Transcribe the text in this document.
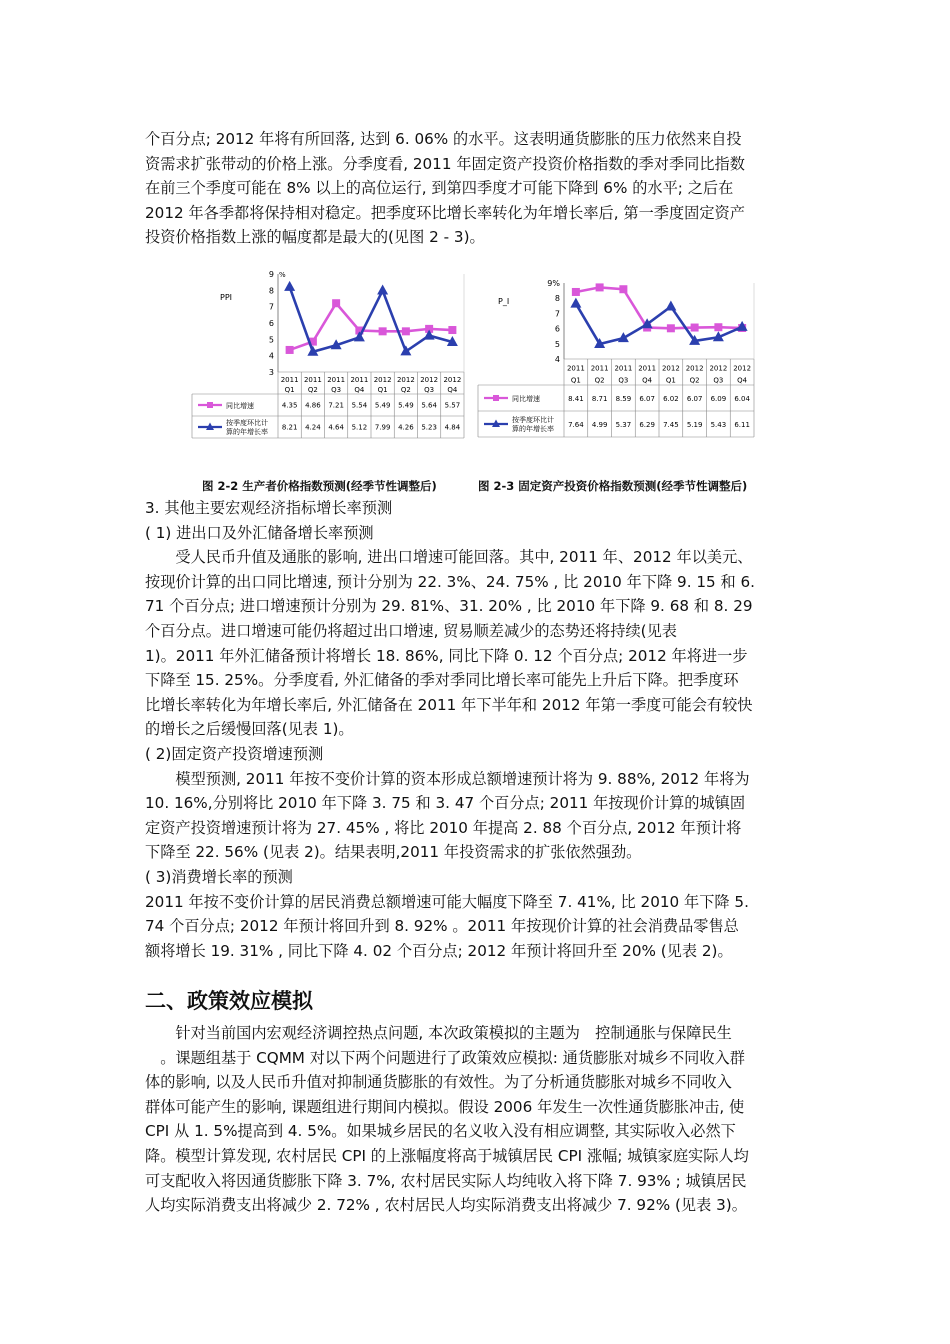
个百分点; 2012 年将有所回落, 达到 6. 06% 的水平。这表明通货膨胀的压力依然来自投
资需求扩张带动的价格上涨。分季度看, 2011 年固定资产投资价格指数的季对季同比指数
在前三个季度可能在 8% 以上的高位运行, 到第四季度才可能下降到 6% 的水平; 之后在
2012 年各季都将保持相对稳定。把季度环比增长率转化为年增长率后, 第一季度固定资产
投资价格指数上涨的幅度都是最大的(见图 2 - 3)。
PPI
9
8
7
6
5
4
3
%
2011
Q1
2011
Q2
2011
Q3
2011
Q4
2012
Q1
2012
Q2
2012
Q3
2012
Q4
4.35 4.86 7.21 5.54 5.49 5.49 5.64 5.57
同比增速
8.21 4.24 4.64 5.12 7.99 4.26 5.23 4.84
按季度环比计
算的年增长率
P_I
9%
8
7
6
5
4
2011
Q1
2011
Q2
2011
Q3
2011
Q4
2012
Q1
2012
Q2
2012
Q3
2012
Q4
8.41 8.71 8.59 6.07 6.02 6.07 6.09 6.04
同比增速
7.64 4.99 5.37 6.29 7.45 5.19 5.43 6.11
按季度环比计
算的年增长率
图 2-2 生产者价格指数预测(经季节性调整后)	图 2-3 固定资产投资价格指数预测(经季节性调整后)
3. 其他主要宏观经济指标增长率预测
( 1) 进出口及外汇储备增长率预测
　　受人民币升值及通胀的影响, 进出口增速可能回落。其中, 2011 年、2012 年以美元、
按现价计算的出口同比增速, 预计分别为 22. 3%、24. 75% , 比 2010 年下降 9. 15 和 6.
71 个百分点; 进口增速预计分别为 29. 81%、31. 20% , 比 2010 年下降 9. 68 和 8. 29
个百分点。进口增速可能仍将超过出口增速, 贸易顺差减少的态势还将持续(见表
1)。2011 年外汇储备预计将增长 18. 86%, 同比下降 0. 12 个百分点; 2012 年将进一步
下降至 15. 25%。分季度看, 外汇储备的季对季同比增长率可能先上升后下降。把季度环
比增长率转化为年增长率后, 外汇储备在 2011 年下半年和 2012 年第一季度可能会有较快
的增长之后缓慢回落(见表 1)。
( 2)固定资产投资增速预测
　　模型预测, 2011 年按不变价计算的资本形成总额增速预计将为 9. 88%, 2012 年将为
10. 16%,分别将比 2010 年下降 3. 75 和 3. 47 个百分点; 2011 年按现价计算的城镇固
定资产投资增速预计将为 27. 45% , 将比 2010 年提高 2. 88 个百分点, 2012 年预计将
下降至 22. 56% (见表 2)。结果表明,2011 年投资需求的扩张依然强劲。
( 3)消费增长率的预测
2011 年按不变价计算的居民消费总额增速可能大幅度下降至 7. 41%, 比 2010 年下降 5.
74 个百分点; 2012 年预计将回升到 8. 92% 。2011 年按现价计算的社会消费品零售总
额将增长 19. 31% , 同比下降 4. 02 个百分点; 2012 年预计将回升至 20% (见表 2)。
二、政策效应模拟
　　针对当前国内宏观经济调控热点问题, 本次政策模拟的主题为　控制通胀与保障民生
　。课题组基于 CQMM 对以下两个问题进行了政策效应模拟: 通货膨胀对城乡不同收入群
体的影响, 以及人民币升值对抑制通货膨胀的有效性。为了分析通货膨胀对城乡不同收入
群体可能产生的影响, 课题组进行期间内模拟。假设 2006 年发生一次性通货膨胀冲击, 使
CPI 从 1. 5%提高到 4. 5%。如果城乡居民的名义收入没有相应调整, 其实际收入必然下
降。模型计算发现, 农村居民 CPI 的上涨幅度将高于城镇居民 CPI 涨幅; 城镇家庭实际人均
可支配收入将因通货膨胀下降 3. 7%, 农村居民实际人均纯收入将下降 7. 93% ; 城镇居民
人均实际消费支出将减少 2. 72% , 农村居民人均实际消费支出将减少 7. 92% (见表 3)。
